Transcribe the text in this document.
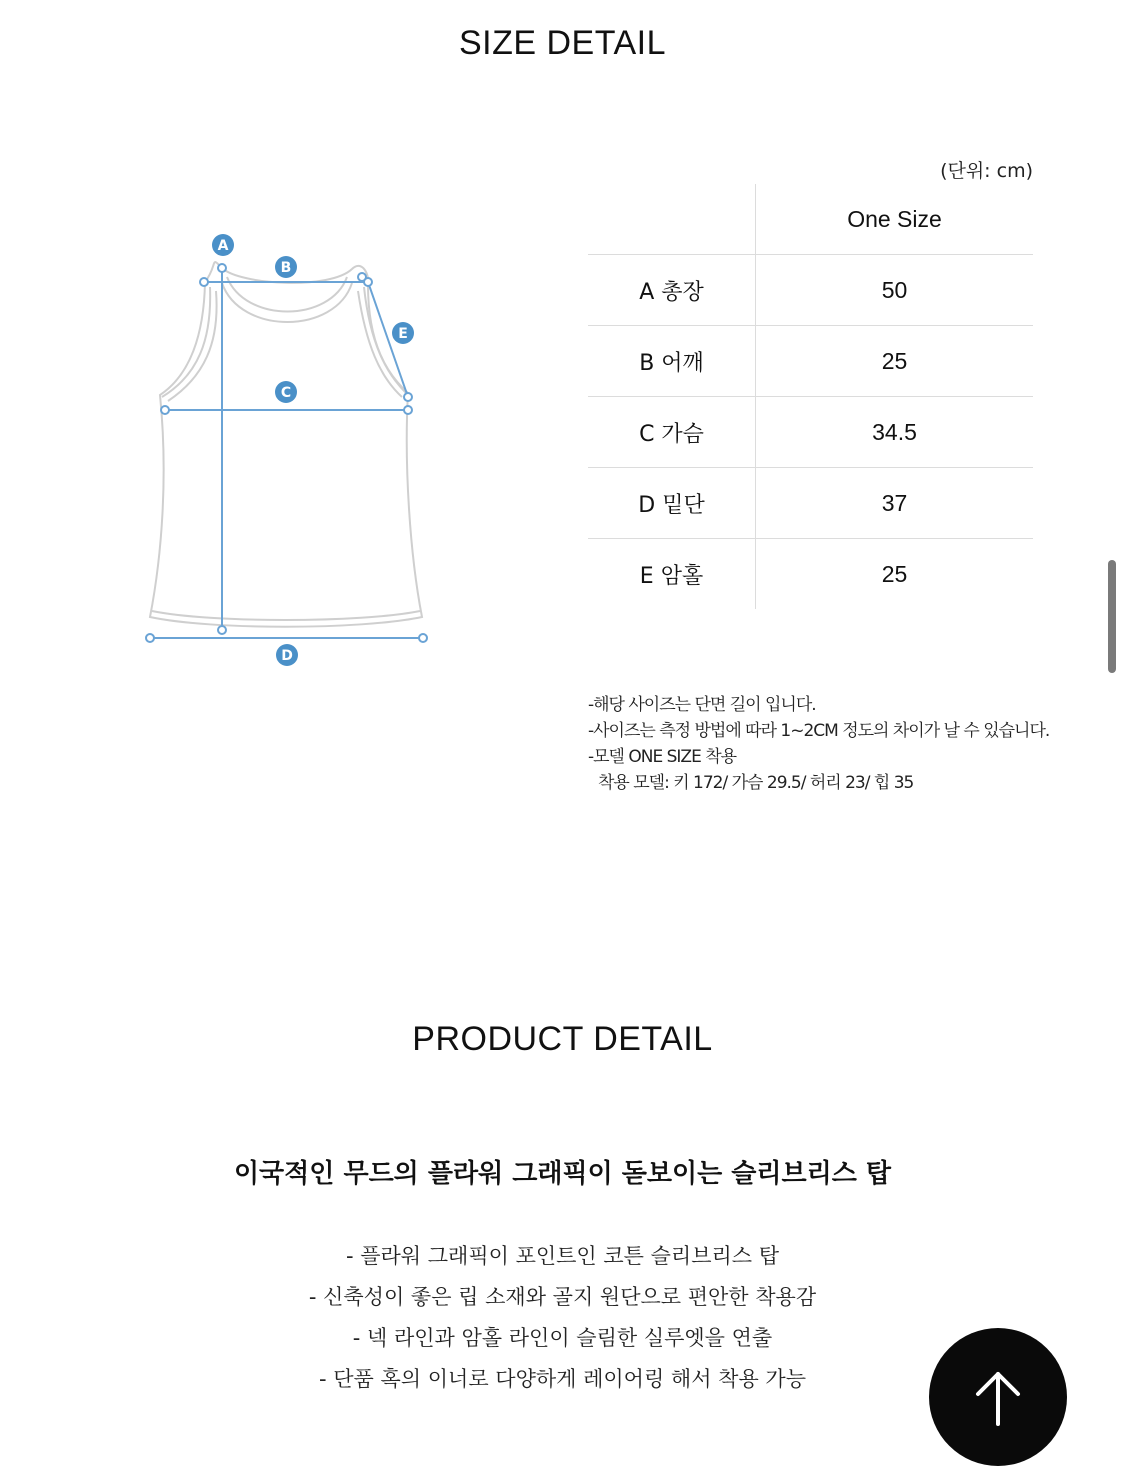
SIZE DETAIL
A
B
C
D
E
(단위: cm)
	One Size
A 총장	50
B 어깨	25
C 가슴	34.5
D 밑단	37
E 암홀	25
-해당 사이즈는 단면 길이 입니다.
-사이즈는 측정 방법에 따라 1~2CM 정도의 차이가 날 수 있습니다.
-모델 ONE SIZE 착용
착용 모델: 키 172/ 가슴 29.5/ 허리 23/ 힙 35
PRODUCT DETAIL
이국적인 무드의 플라워 그래픽이 돋보이는 슬리브리스 탑
- 플라워 그래픽이 포인트인 코튼 슬리브리스 탑
- 신축성이 좋은 립 소재와 골지 원단으로 편안한 착용감
- 넥 라인과 암홀 라인이 슬림한 실루엣을 연출
- 단품 혹의 이너로 다양하게 레이어링 해서 착용 가능
